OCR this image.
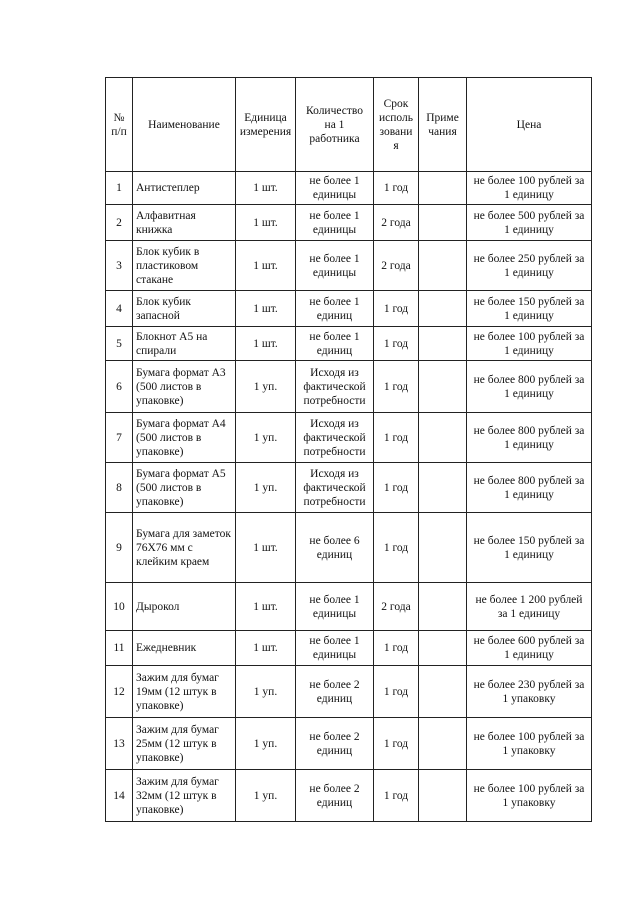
№ п/п	Наименование	Единица измерения	Количество на 1 работника	Срок исполь зовани я	Приме чания	Цена
1	Антистеплер	1 шт.	не более 1 единицы	1 год		не более 100 рублей за 1 единицу
2	Алфавитная книжка	1 шт.	не более 1 единицы	2 года		не более 500 рублей за 1 единицу
3	Блок кубик в пластиковом стакане	1 шт.	не более 1 единицы	2 года		не более 250 рублей за 1 единицу
4	Блок кубик запасной	1 шт.	не более 1 единиц	1 год		не более 150 рублей за 1 единицу
5	Блокнот А5 на спирали	1 шт.	не более 1 единиц	1 год		не более 100 рублей за 1 единицу
6	Бумага формат А3 (500 листов в упаковке)	1 уп.	Исходя из фактической потребности	1 год		не более 800 рублей за 1 единицу
7	Бумага формат А4 (500 листов в упаковке)	1 уп.	Исходя из фактической потребности	1 год		не более 800 рублей за 1 единицу
8	Бумага формат А5 (500 листов в упаковке)	1 уп.	Исходя из фактической потребности	1 год		не более 800 рублей за 1 единицу
9	Бумага для заметок 76Х76 мм с клейким краем	1 шт.	не более 6 единиц	1 год		не более 150 рублей за 1 единицу
10	Дырокол	1 шт.	не более 1 единицы	2 года		не более 1 200 рублей за 1 единицу
11	Ежедневник	1 шт.	не более 1 единицы	1 год		не более 600 рублей за 1 единицу
12	Зажим для бумаг 19мм (12 штук в упаковке)	1 уп.	не более 2 единиц	1 год		не более 230 рублей за 1 упаковку
13	Зажим для бумаг 25мм (12 штук в упаковке)	1 уп.	не более 2 единиц	1 год		не более 100 рублей за 1 упаковку
14	Зажим для бумаг 32мм (12 штук в упаковке)	1 уп.	не более 2 единиц	1 год		не более 100 рублей за 1 упаковку
